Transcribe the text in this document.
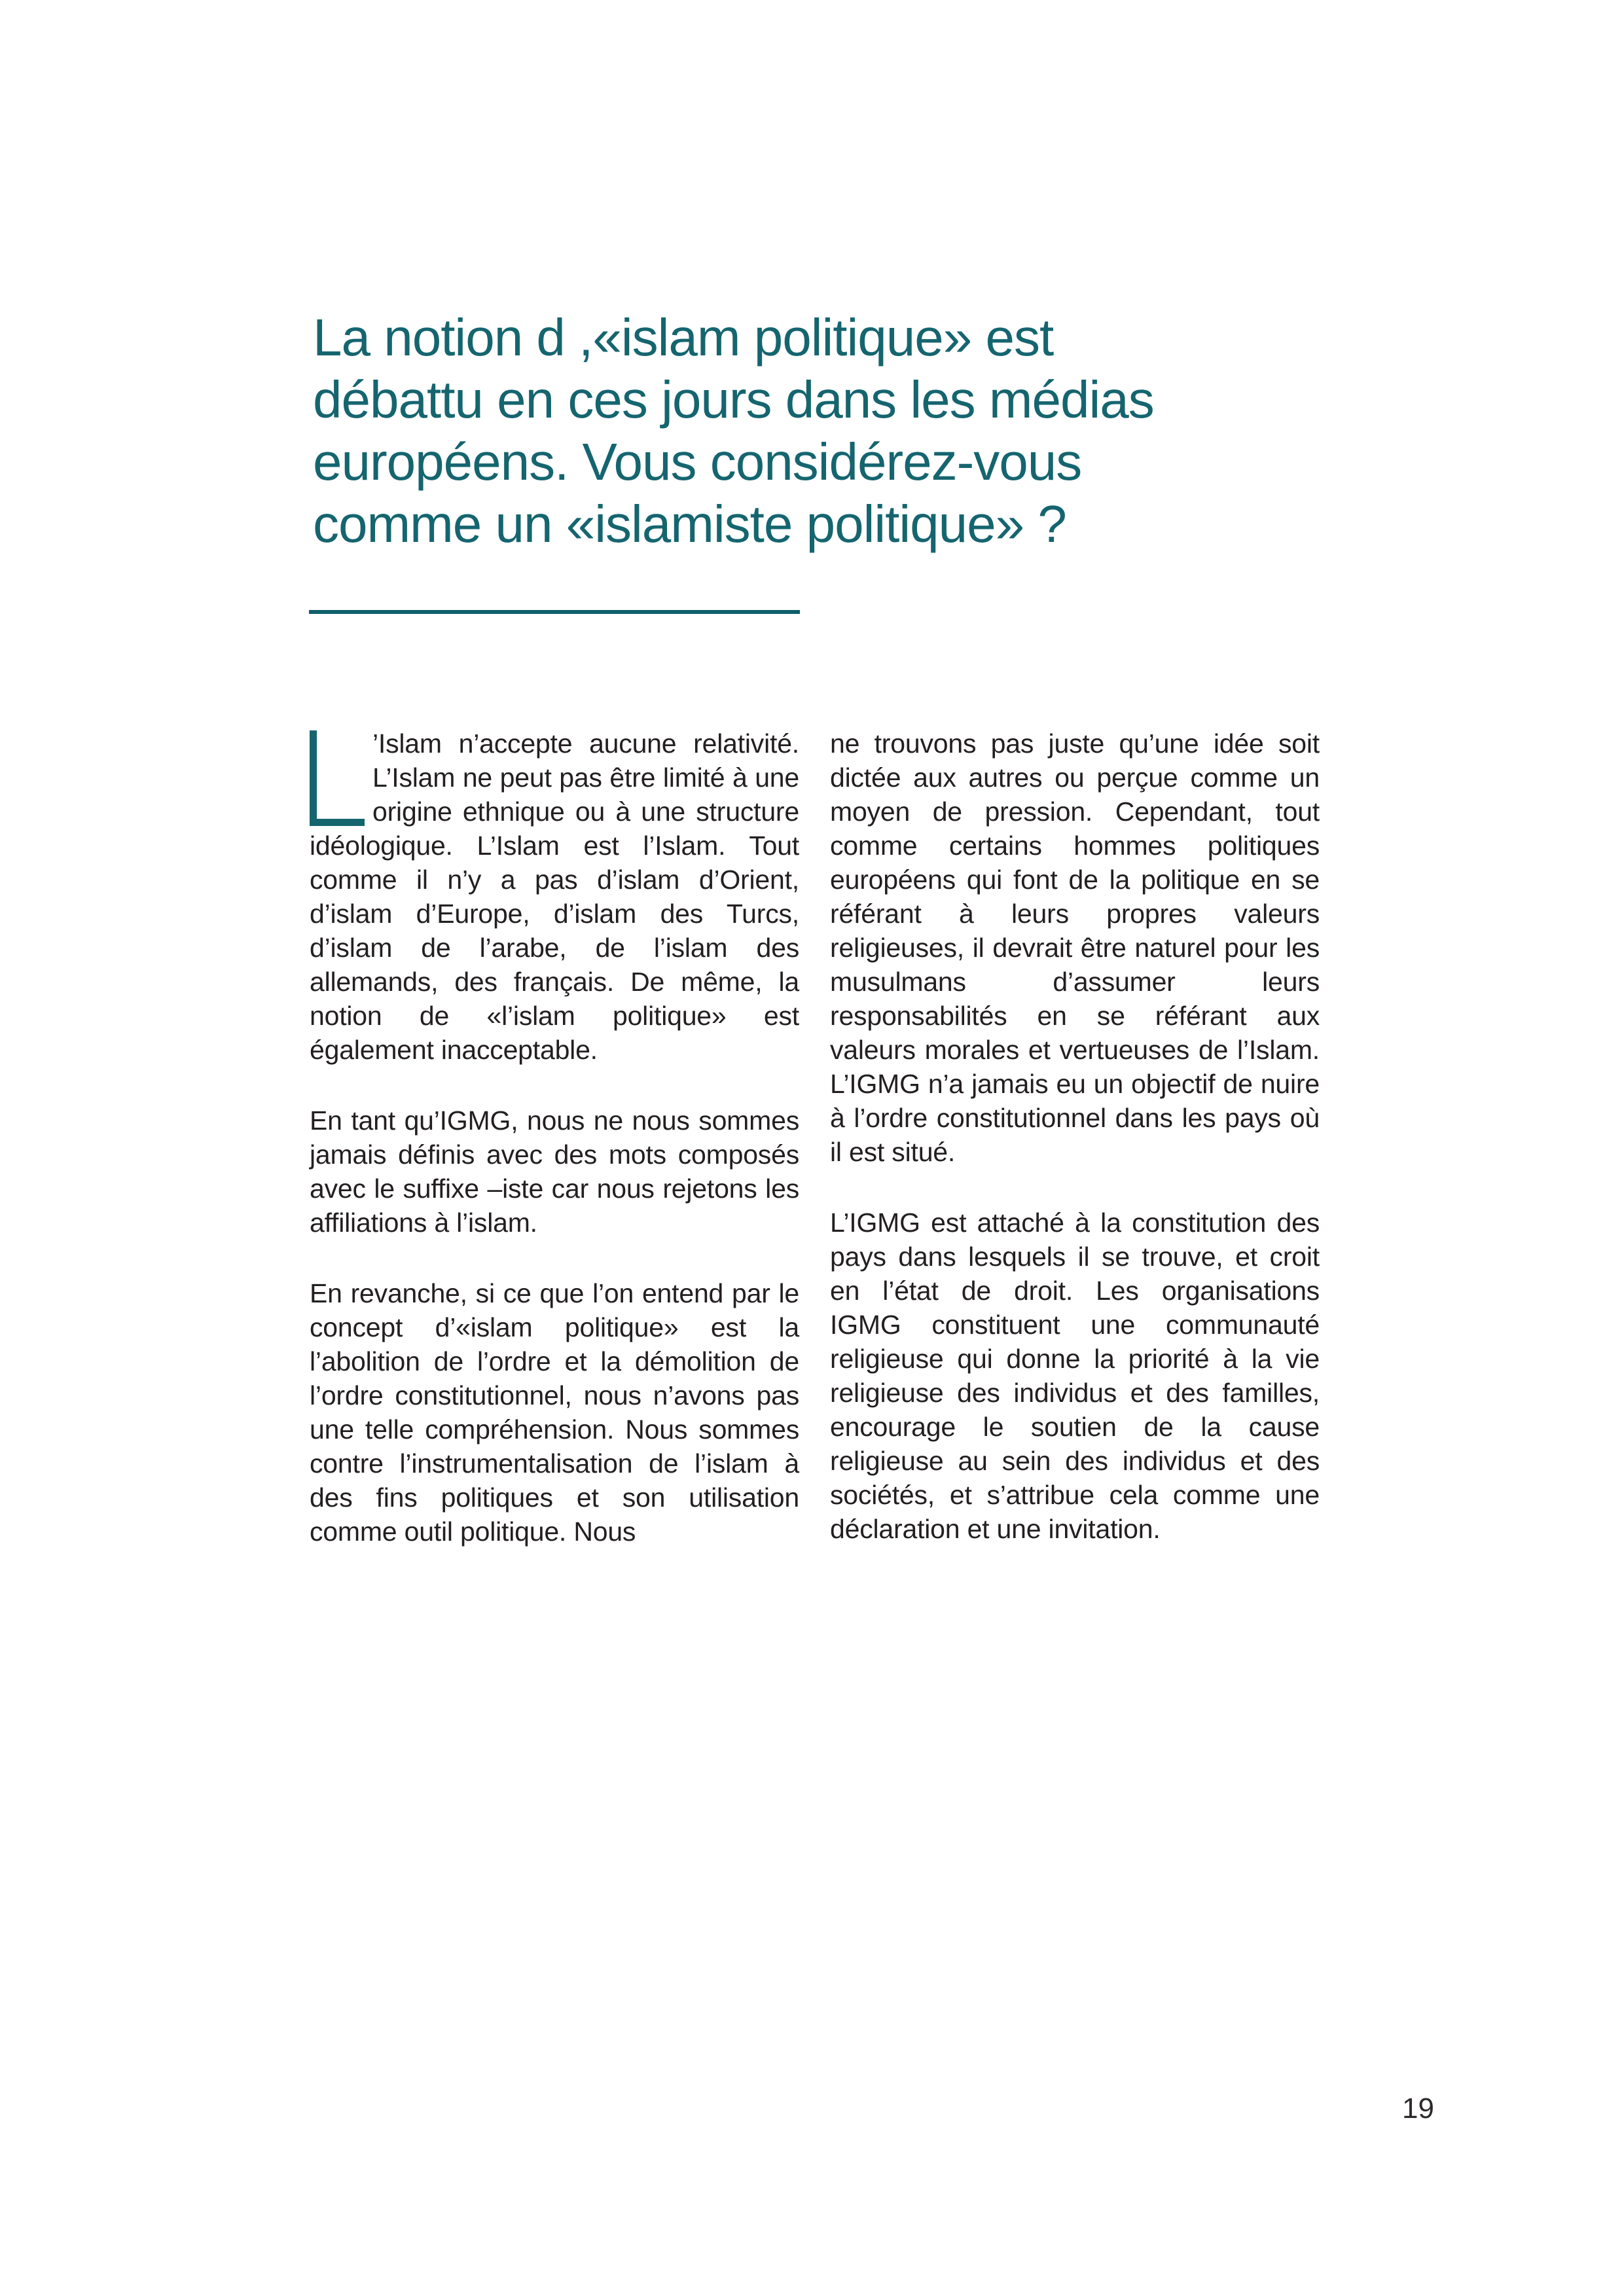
La notion d ,«islam politique» est
débattu en ces jours dans les médias
européens. Vous considérez-vous
comme un «islamiste politique» ?

’Islam n’accepte aucune relativité. L’Islam ne peut pas être limité à une origine ethnique ou à une structure idéologique. L’Islam est l’Islam. Tout comme il n’y a pas d’islam d’Orient, d’islam d’Europe, d’islam des Turcs, d’islam de l’arabe, de l’islam des allemands, des français. De même, la notion de «l’islam politique» est également inacceptable.

En tant qu’IGMG, nous ne nous sommes jamais définis avec des mots composés avec le suffixe –iste car nous rejetons les affiliations à l’islam.

En revanche, si ce que l’on entend par le concept d’«islam politique» est la l’abolition de l’ordre et la démolition de l’ordre constitutionnel, nous n’avons pas une telle compréhension. Nous sommes contre l’instrumentalisation de l’islam à des fins politiques et son utilisation comme outil politique. Nous

ne trouvons pas juste qu’une idée soit dictée aux autres ou perçue comme un moyen de pression. Cependant, tout comme certains hommes politiques européens qui font de la politique en se référant à leurs propres valeurs religieuses, il devrait être naturel pour les musulmans d’assumer leurs responsabilités en se référant aux valeurs morales et vertueuses de l’Islam. L’IGMG n’a jamais eu un objectif de nuire à l’ordre constitutionnel dans les pays où il est situé.

L’IGMG est attaché à la constitution des pays dans lesquels il se trouve, et croit en l’état de droit. Les organisations IGMG constituent une communauté religieuse qui donne la priorité à la vie religieuse des individus et des familles, encourage le soutien de la cause religieuse au sein des individus et des sociétés, et s’attribue cela comme une déclaration et une invitation.

19
